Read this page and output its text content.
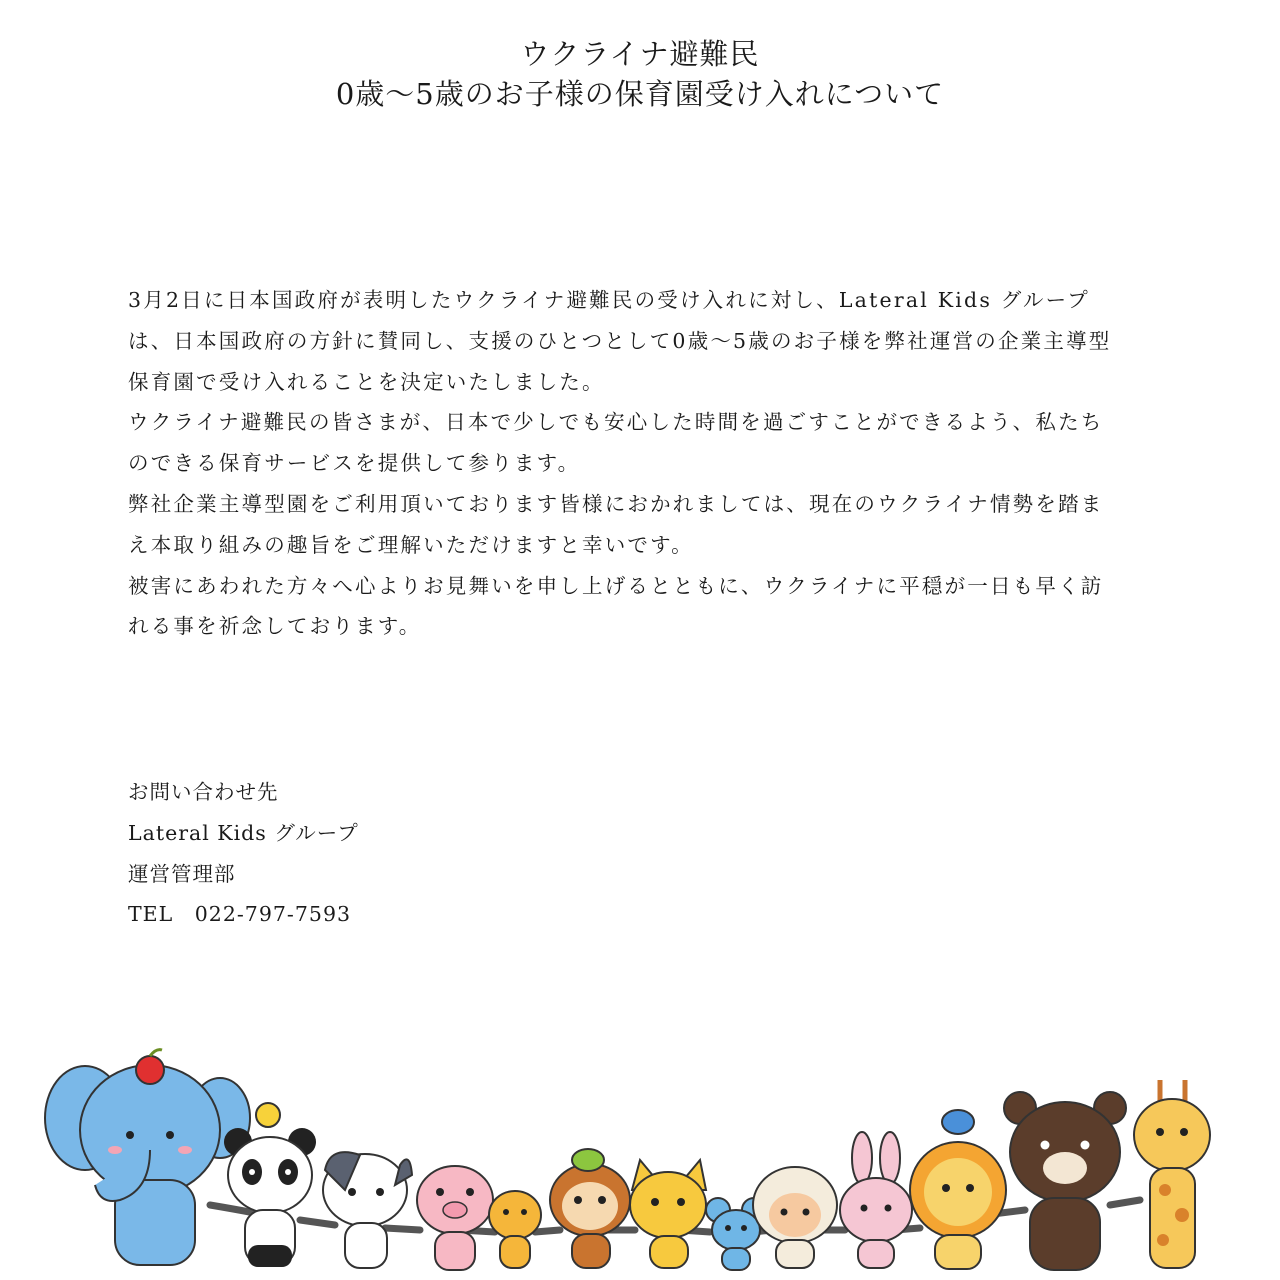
ウクライナ避難民
0歳～5歳のお子様の保育園受け入れについて

3月2日に日本国政府が表明したウクライナ避難民の受け入れに対し、Lateral Kids グループは、日本国政府の方針に賛同し、支援のひとつとして0歳～5歳のお子様を弊社運営の企業主導型保育園で受け入れることを決定いたしました。

ウクライナ避難民の皆さまが、日本で少しでも安心した時間を過ごすことができるよう、私たちのできる保育サービスを提供して参ります。

弊社企業主導型園をご利用頂いております皆様におかれましては、現在のウクライナ情勢を踏まえ本取り組みの趣旨をご理解いただけますと幸いです。

被害にあわれた方々へ心よりお見舞いを申し上げるとともに、ウクライナに平穏が一日も早く訪れる事を祈念しております。

お問い合わせ先
Lateral Kids グループ
運営管理部
TEL　022‐797‐7593
